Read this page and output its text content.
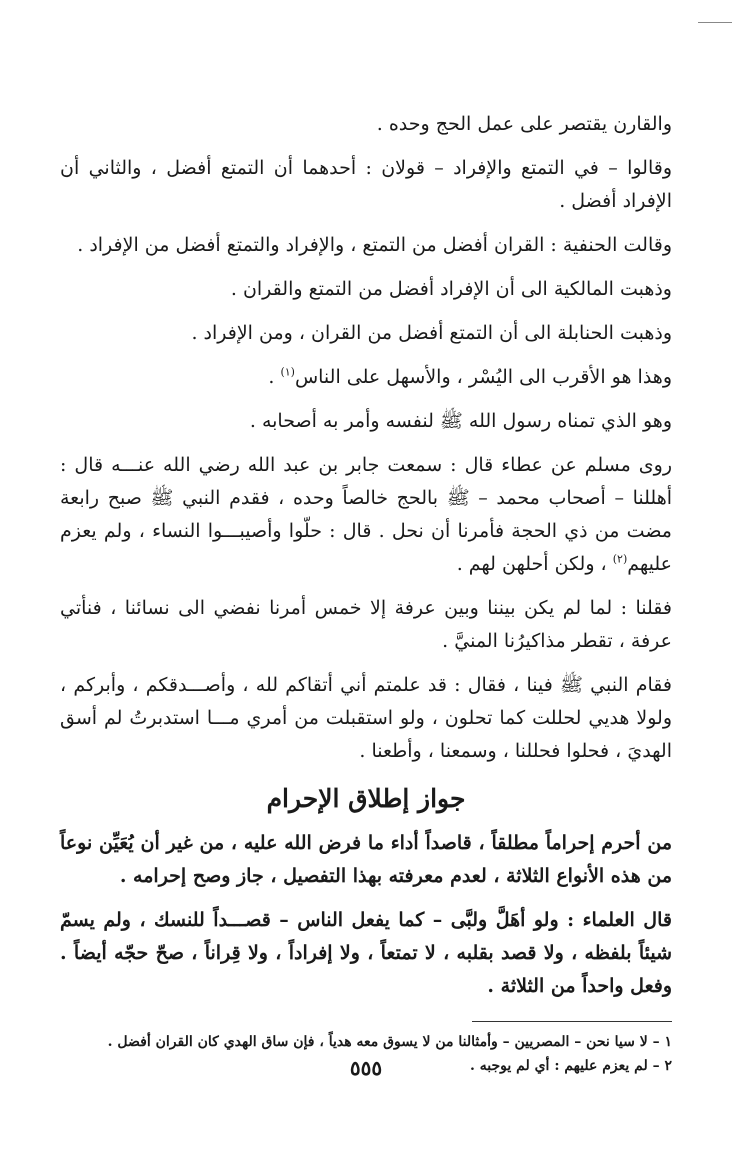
والقارن يقتصر على عمل الحج وحده .

وقالوا – في التمتع والإفراد – قولان : أحدهما أن التمتع أفضل ، والثاني أن الإفراد أفضل .

وقالت الحنفية : القران أفضل من التمتع ، والإفراد والتمتع أفضل من الإفراد .

وذهبت المالكية الى أن الإفراد أفضل من التمتع والقران .

وذهبت الحنابلة الى أن التمتع أفضل من القران ، ومن الإفراد .

وهذا هو الأقرب الى اليُسْر ، والأسهل على الناس$^{(١)}$ .

وهو الذي تمناه رسول الله ﷺ لنفسه وأمر به أصحابه .

روى مسلم عن عطاء قال : سمعت جابر بن عبد الله رضي الله عنـــه قال : أهللنا – أصحاب محمد – ﷺ بالحج خالصاً وحده ، فقدم النبي ﷺ صبح رابعة مضت من ذي الحجة فأمرنا أن نحل . قال : حلّوا وأصيبـــوا النساء ، ولم يعزم عليهم$^{(٢)}$ ، ولكن أحلهن لهم .

فقلنا : لما لم يكن بيننا وبين عرفة إلا خمس أمرنا نفضي الى نسائنا ، فنأتي عرفة ، تقطر مذاكيرُنا المنيَّ .

فقام النبي ﷺ فينا ، فقال : قد علمتم أني أتقاكم لله ، وأصـــدقكم ، وأبركم ، ولولا هديي لحللت كما تحلون ، ولو استقبلت من أمري مـــا استدبرتُ لم أسق الهديَ ، فحلوا فحللنا ، وسمعنا ، وأطعنا .

جواز إطلاق الإحرام

من أحرم إحراماً مطلقاً ، قاصداً أداء ما فرض الله عليه ، من غير أن يُعَيِّن نوعاً من هذه الأنواع الثلاثة ، لعدم معرفته بهذا التفصيل ، جاز وصح إحرامه .

قال العلماء : ولو أهَلَّ ولبَّى – كما يفعل الناس – قصـــداً للنسك ، ولم يسمّ شيئاً بلفظه ، ولا قصد بقلبه ، لا تمتعاً ، ولا إفراداً ، ولا قِراناً ، صحّ حجّه أيضاً . وفعل واحداً من الثلاثة .

١ – لا سيا نحن – المصريين – وأمثالنا من لا يسوق معه هدياً ، فإن ساق الهدي كان القران أفضل .
٢ – لم يعزم عليهم : أي لم يوجبه .
٥٥٥
